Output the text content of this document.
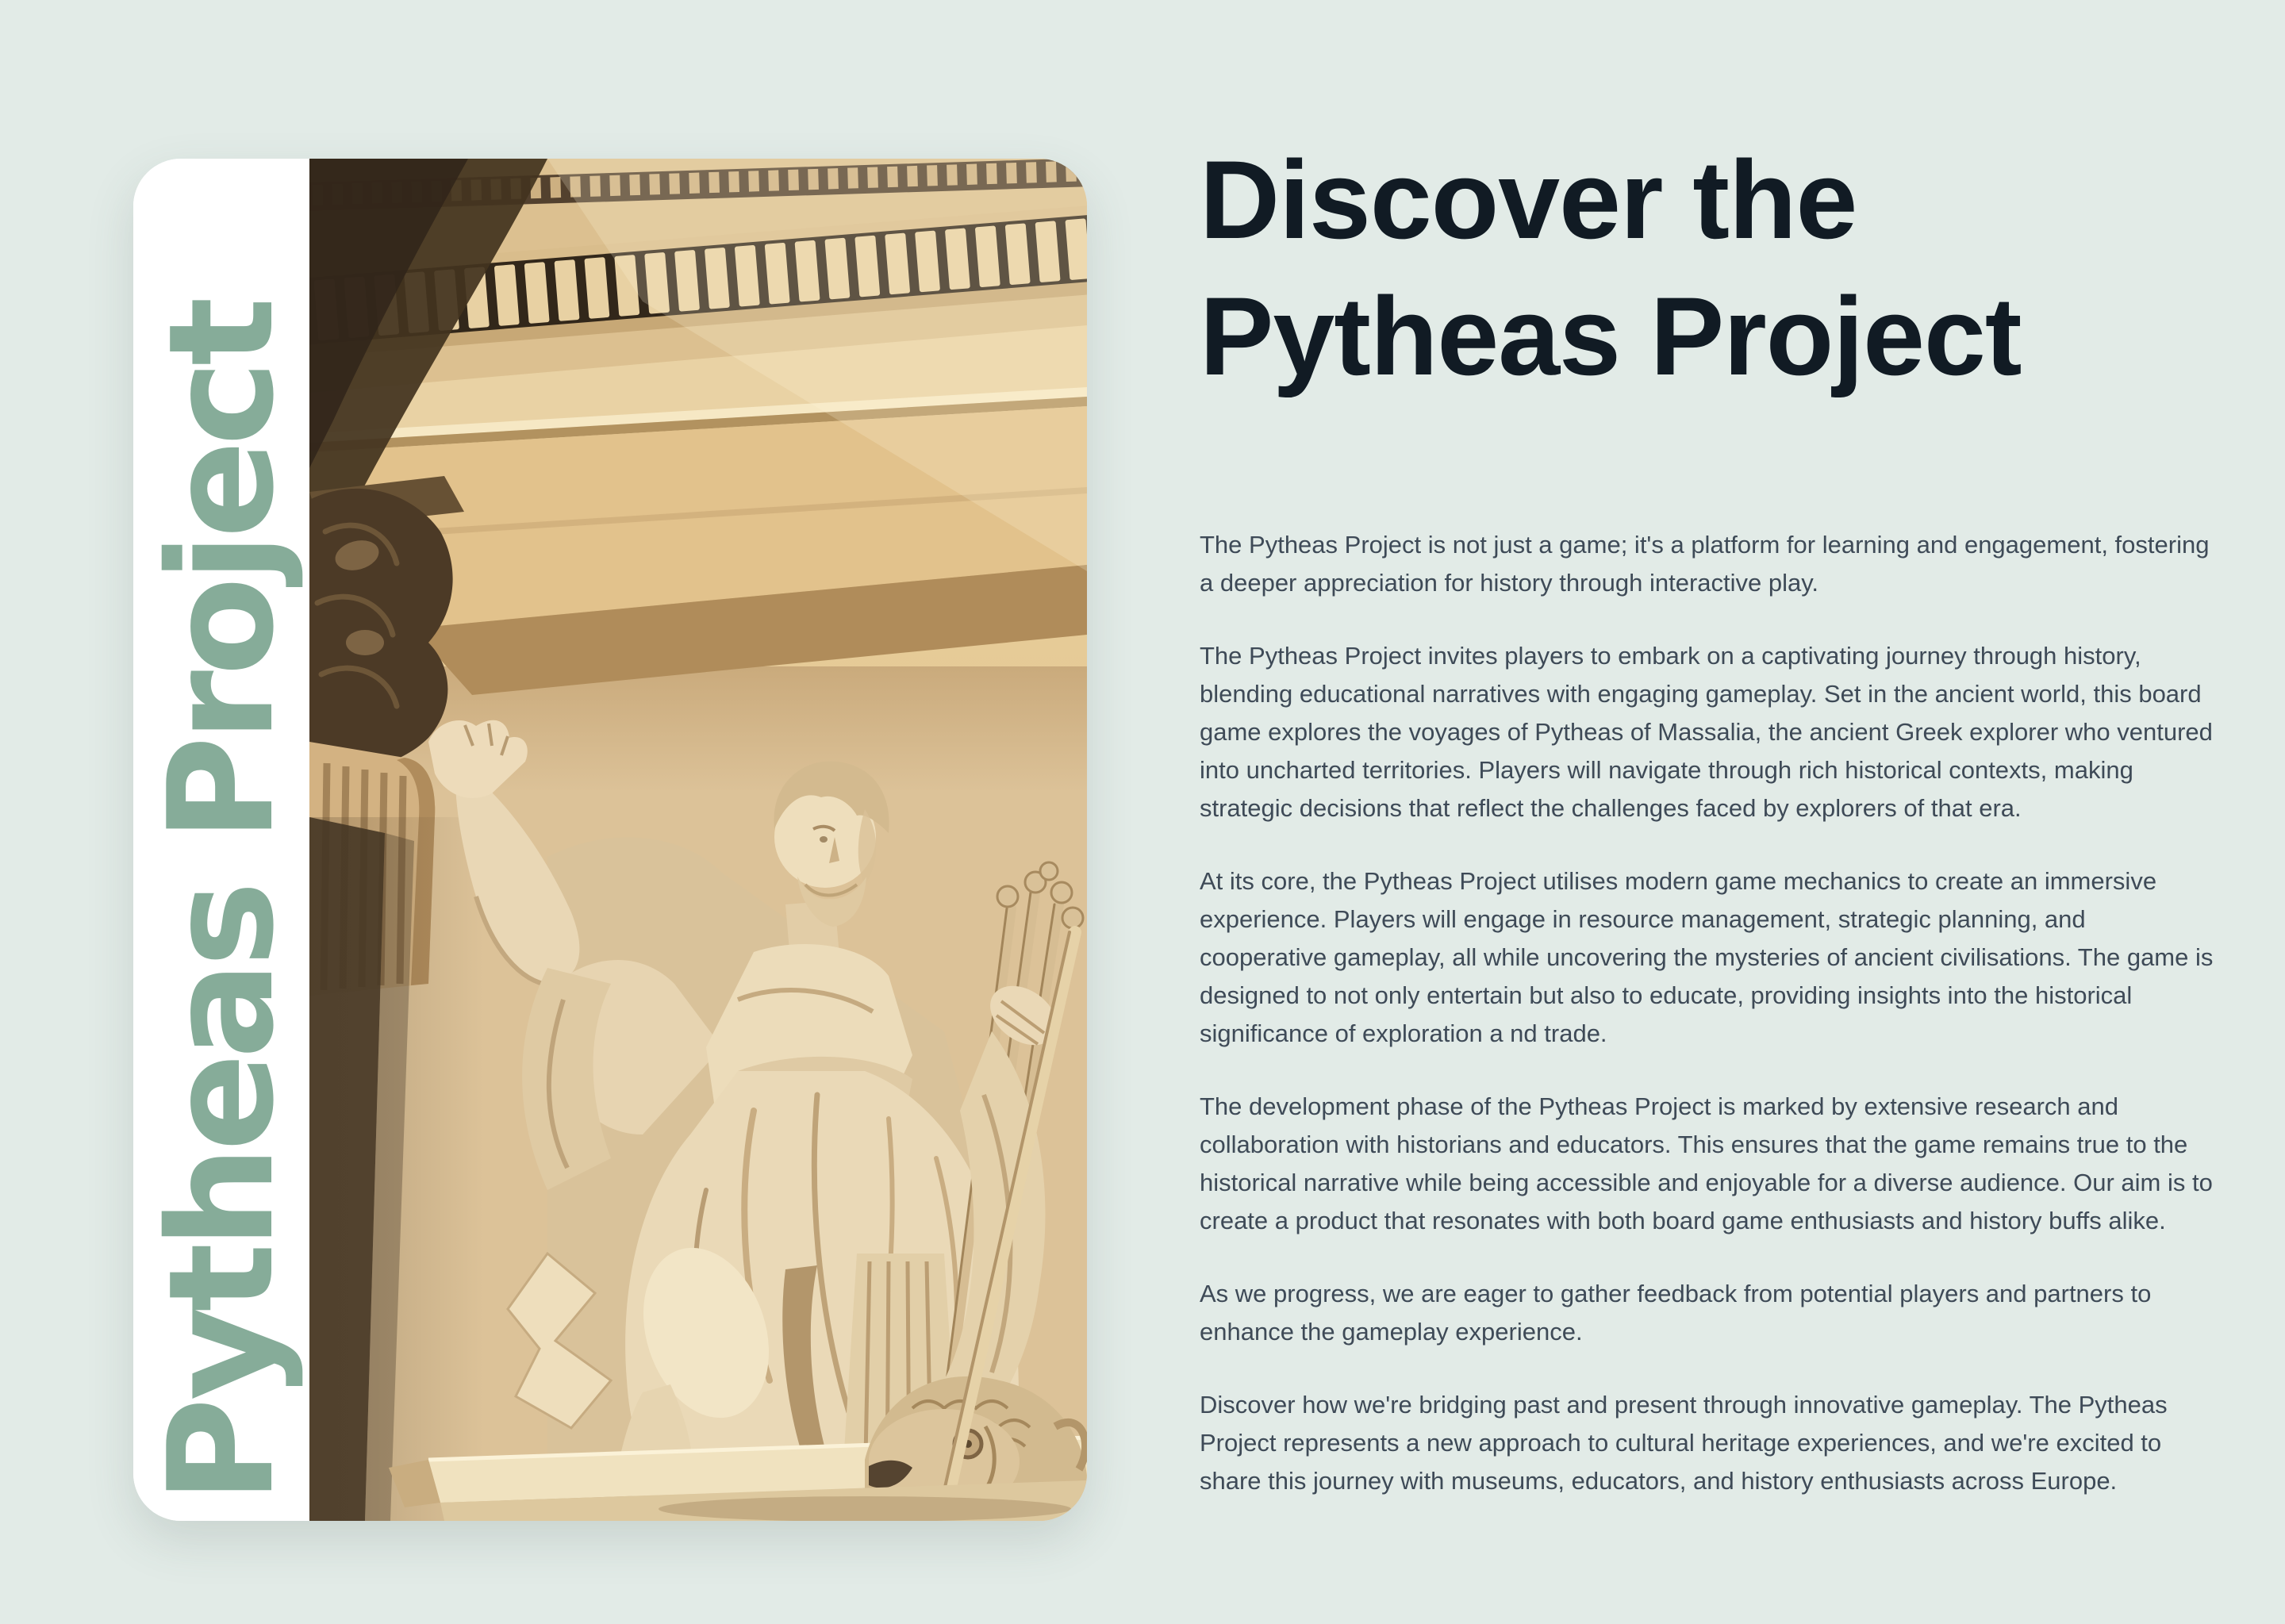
Pytheas Project
Discover the
Pytheas Project

The Pytheas Project is not just a game; it's a platform for learning and engagement, fostering a deeper appreciation for history through interactive play.

The Pytheas Project invites players to embark on a captivating journey through history, blending educational narratives with engaging gameplay. Set in the ancient world, this board game explores the voyages of Pytheas of Massalia, the ancient Greek explorer who ventured into uncharted territories. Players will navigate through rich historical contexts, making strategic decisions that reflect the challenges faced by explorers of that era.

At its core, the Pytheas Project utilises modern game mechanics to create an immersive experience. Players will engage in resource management, strategic planning, and cooperative gameplay, all while uncovering the mysteries of ancient civilisations. The game is designed to not only entertain but also to educate, providing insights into the historical significance of exploration a nd trade.

The development phase of the Pytheas Project is marked by extensive research and collaboration with historians and educators. This ensures that the game remains true to the historical narrative while being accessible and enjoyable for a diverse audience. Our aim is to create a product that resonates with both board game enthusiasts and history buffs alike.

As we progress, we are eager to gather feedback from potential players and partners to enhance the gameplay experience.

Discover how we're bridging past and present through innovative gameplay. The Pytheas Project represents a new approach to cultural heritage experiences, and we're excited to share this journey with museums, educators, and history enthusiasts across Europe.
